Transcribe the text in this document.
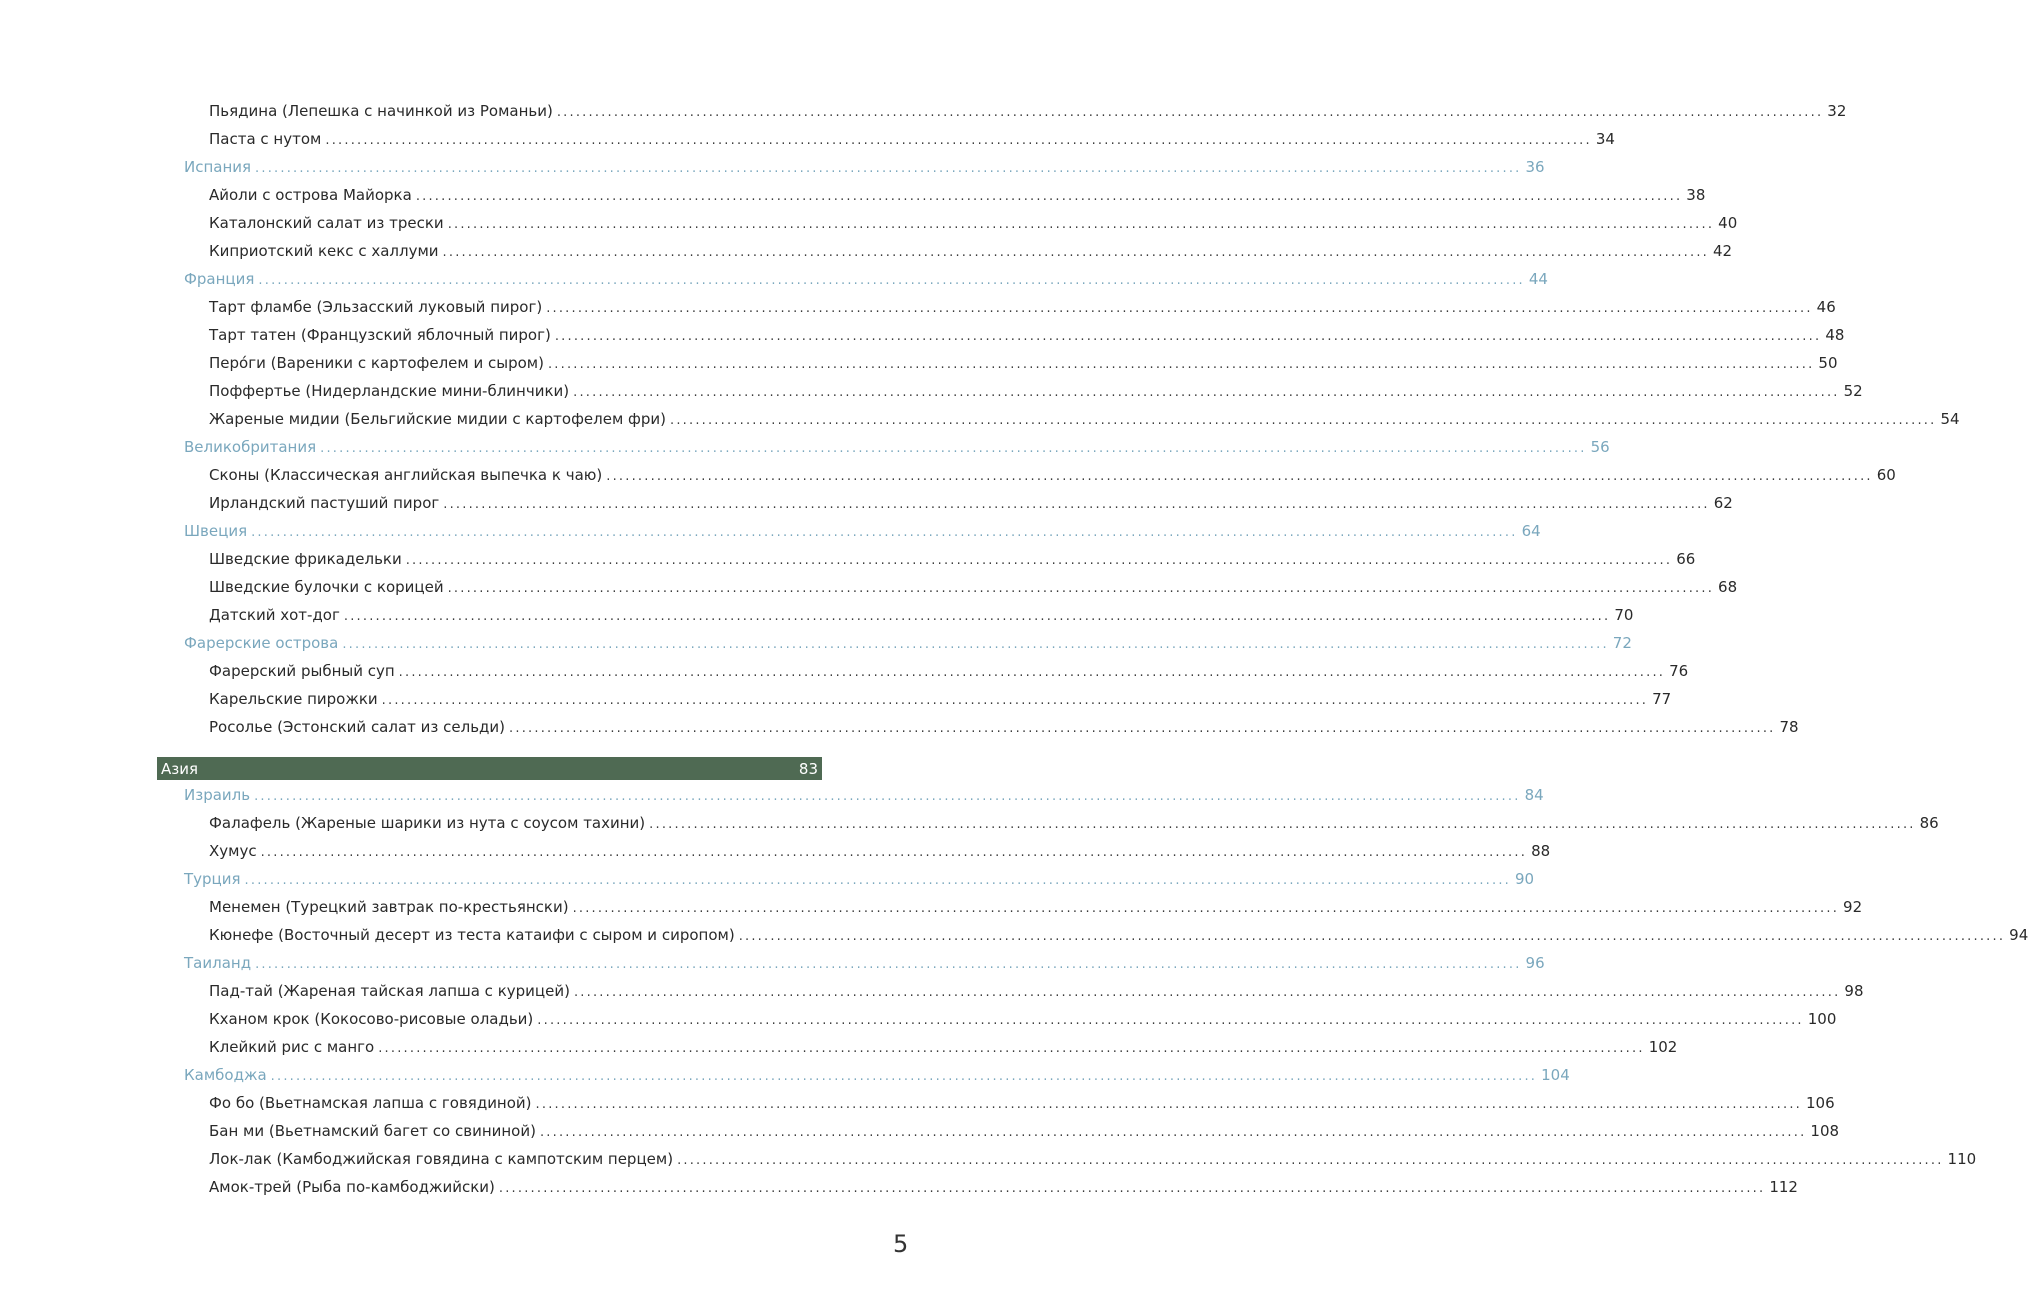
Пьядина (Лепешка с начинкой из Романьи) ........................................................................................................................................................................................................ 32
Паста с нутом ........................................................................................................................................................................................................ 34
Испания ........................................................................................................................................................................................................ 36
Айоли с острова Майорка ........................................................................................................................................................................................................ 38
Каталонский салат из трески ........................................................................................................................................................................................................ 40
Киприотский кекс с халлуми ........................................................................................................................................................................................................ 42
Франция ........................................................................................................................................................................................................ 44
Тарт фламбе (Эльзасский луковый пирог) ........................................................................................................................................................................................................ 46
Тарт татен (Французский яблочный пирог) ........................................................................................................................................................................................................ 48
Перо́ги (Вареники с картофелем и сыром) ........................................................................................................................................................................................................ 50
Поффертье (Нидерландские мини-блинчики) ........................................................................................................................................................................................................ 52
Жареные мидии (Бельгийские мидии с картофелем фри) ........................................................................................................................................................................................................ 54
Великобритания ........................................................................................................................................................................................................ 56
Сконы (Классическая английская выпечка к чаю) ........................................................................................................................................................................................................ 60
Ирландский пастуший пирог ........................................................................................................................................................................................................ 62
Швеция ........................................................................................................................................................................................................ 64
Шведские фрикадельки ........................................................................................................................................................................................................ 66
Шведские булочки с корицей ........................................................................................................................................................................................................ 68
Датский хот-дог ........................................................................................................................................................................................................ 70
Фарерские острова ........................................................................................................................................................................................................ 72
Фарерский рыбный суп ........................................................................................................................................................................................................ 76
Карельские пирожки ........................................................................................................................................................................................................ 77
Росолье (Эстонский салат из сельди) ........................................................................................................................................................................................................ 78
Израиль ........................................................................................................................................................................................................ 84
Фалафель (Жареные шарики из нута с соусом тахини) ........................................................................................................................................................................................................ 86
Хумус ........................................................................................................................................................................................................ 88
Турция ........................................................................................................................................................................................................ 90
Менемен (Турецкий завтрак по-крестьянски) ........................................................................................................................................................................................................ 92
Кюнефе (Восточный десерт из теста катаифи с сыром и сиропом) ........................................................................................................................................................................................................ 94
Таиланд ........................................................................................................................................................................................................ 96
Пад-тай (Жареная тайская лапша с курицей) ........................................................................................................................................................................................................ 98
Кханом крок (Кокосово-рисовые оладьи) ........................................................................................................................................................................................................ 100
Клейкий рис с манго ........................................................................................................................................................................................................ 102
Камбоджа ........................................................................................................................................................................................................ 104
Фо бо (Вьетнамская лапша с говядиной) ........................................................................................................................................................................................................ 106
Бан ми (Вьетнамский багет со свининой) ........................................................................................................................................................................................................ 108
Лок-лак (Камбоджийская говядина с кампотским перцем) ........................................................................................................................................................................................................ 110
Амок-трей (Рыба по-камбоджийски) ........................................................................................................................................................................................................ 112
Азия	83
5
